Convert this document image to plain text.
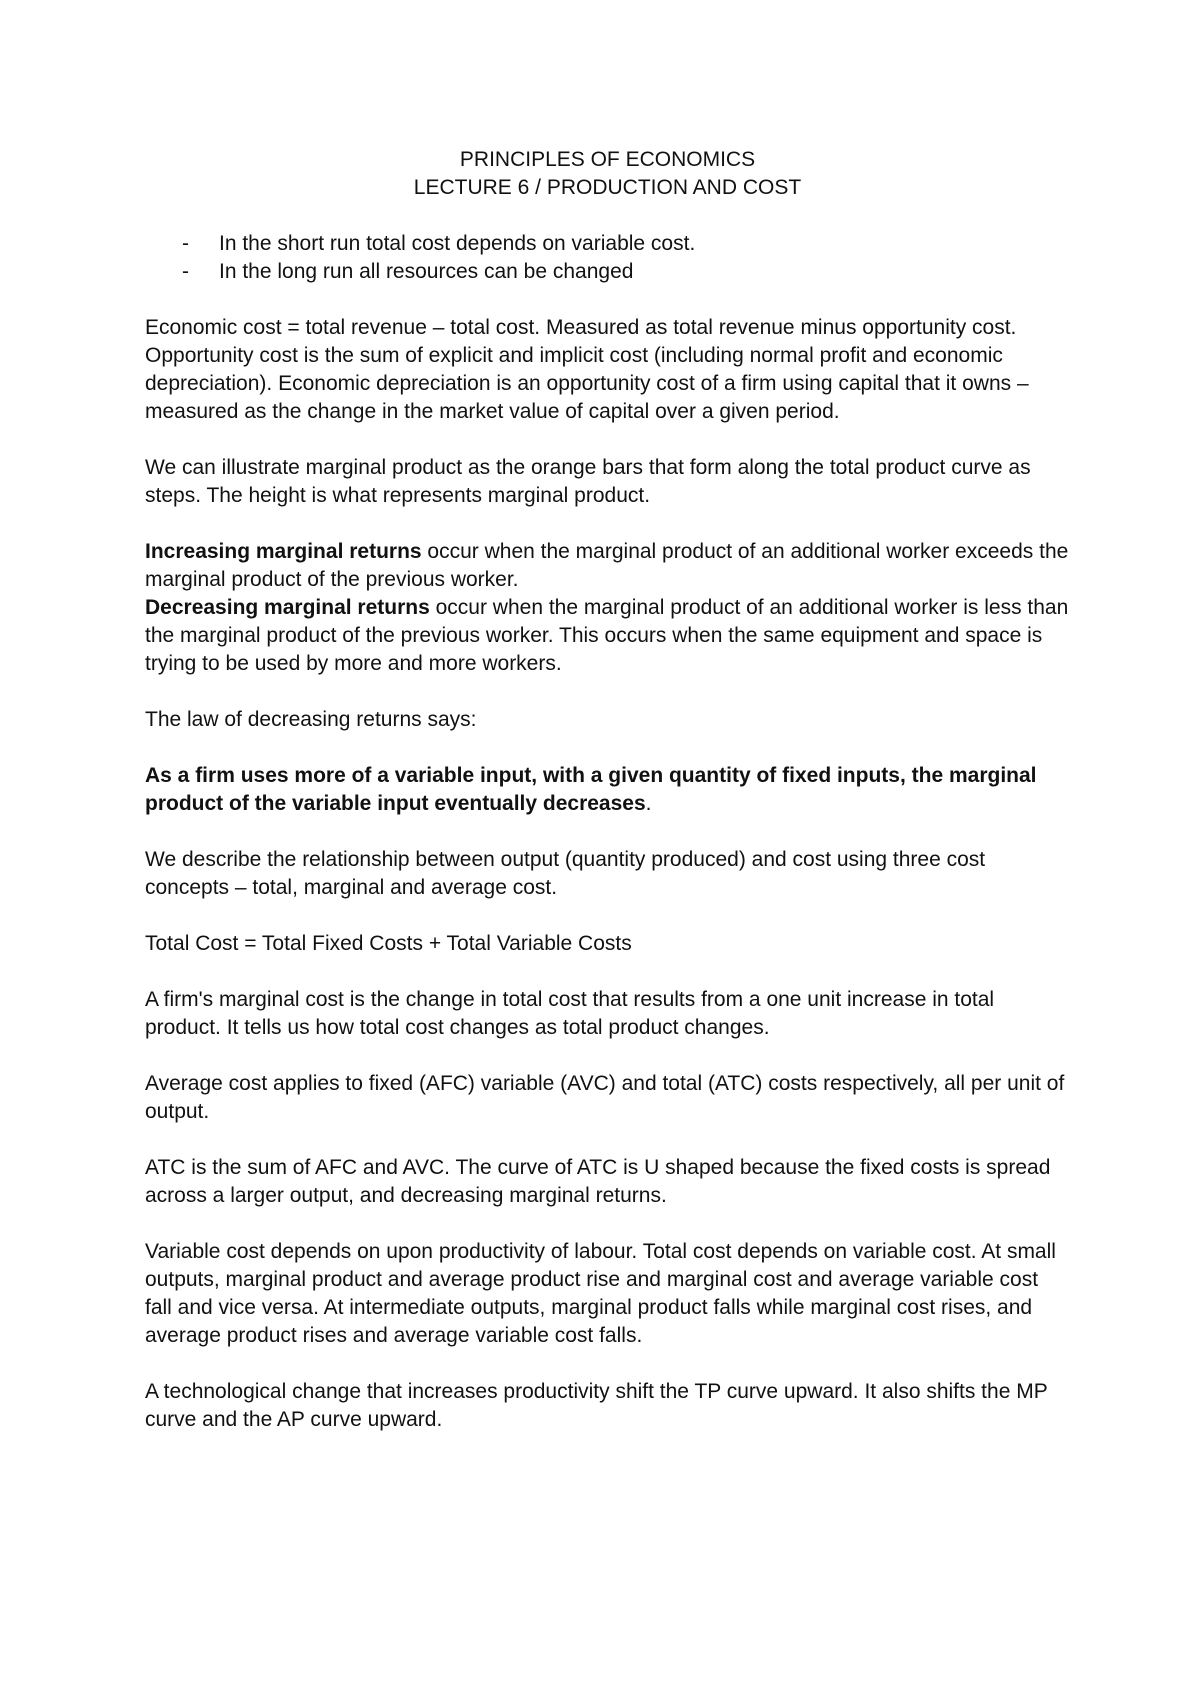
PRINCIPLES OF ECONOMICS
LECTURE 6 / PRODUCTION AND COST
- In the short run total cost depends on variable cost.
- In the long run all resources can be changed

Economic cost = total revenue – total cost. Measured as total revenue minus opportunity cost. Opportunity cost is the sum of explicit and implicit cost (including normal profit and economic depreciation). Economic depreciation is an opportunity cost of a firm using capital that it owns – measured as the change in the market value of capital over a given period.

We can illustrate marginal product as the orange bars that form along the total product curve as steps. The height is what represents marginal product.

Increasing marginal returns occur when the marginal product of an additional worker exceeds the marginal product of the previous worker.

Decreasing marginal returns occur when the marginal product of an additional worker is less than the marginal product of the previous worker. This occurs when the same equipment and space is trying to be used by more and more workers.

The law of decreasing returns says:

As a firm uses more of a variable input, with a given quantity of fixed inputs, the marginal product of the variable input eventually decreases.

We describe the relationship between output (quantity produced) and cost using three cost concepts – total, marginal and average cost.

Total Cost = Total Fixed Costs + Total Variable Costs

A firm's marginal cost is the change in total cost that results from a one unit increase in total product. It tells us how total cost changes as total product changes.

Average cost applies to fixed (AFC) variable (AVC) and total (ATC) costs respectively, all per unit of output.

ATC is the sum of AFC and AVC. The curve of ATC is U shaped because the fixed costs is spread across a larger output, and decreasing marginal returns.

Variable cost depends on upon productivity of labour. Total cost depends on variable cost. At small outputs, marginal product and average product rise and marginal cost and average variable cost fall and vice versa. At intermediate outputs, marginal product falls while marginal cost rises, and average product rises and average variable cost falls.

A technological change that increases productivity shift the TP curve upward. It also shifts the MP curve and the AP curve upward.
